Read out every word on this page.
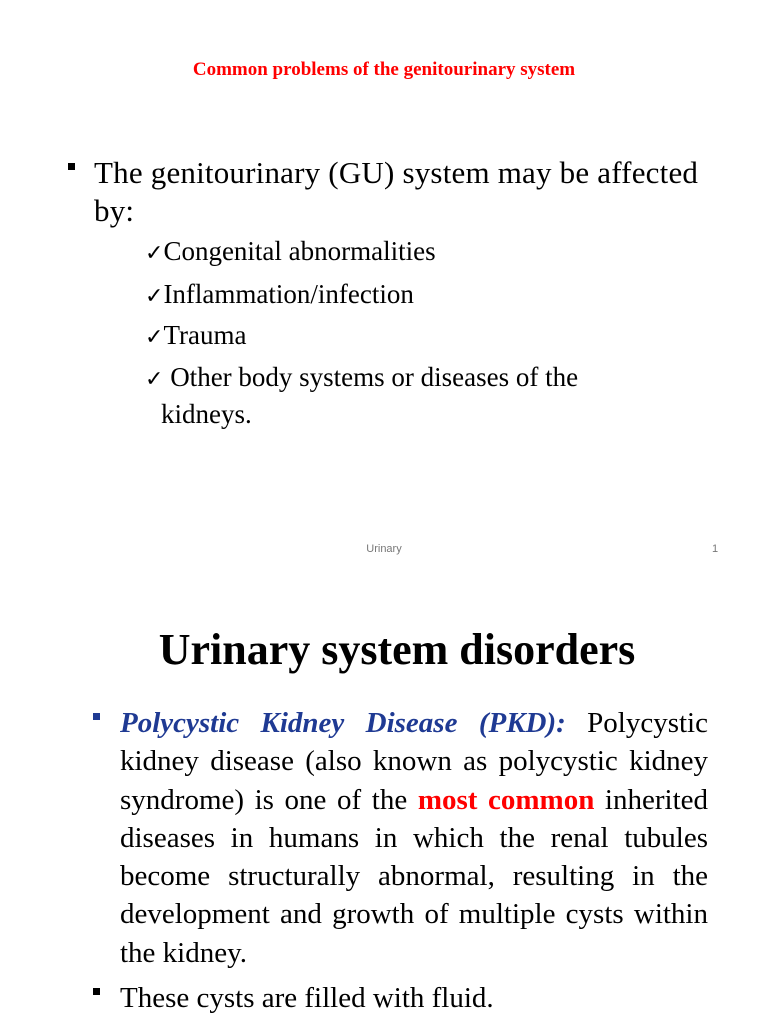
Common problems of the genitourinary system
The genitourinary (GU) system may be affected by:
✓Congenital abnormalities
✓Inflammation/infection
✓Trauma
✓ Other body systems or diseases of the
kidneys.
Urinary	1
Urinary system disorders
Polycystic Kidney Disease (PKD): Polycystic kidney disease (also known as polycystic kidney syndrome) is one of the most common inherited diseases in humans in which the renal tubules become structurally abnormal, resulting in the development and growth of multiple cysts within the kidney.
These cysts are filled with fluid.
